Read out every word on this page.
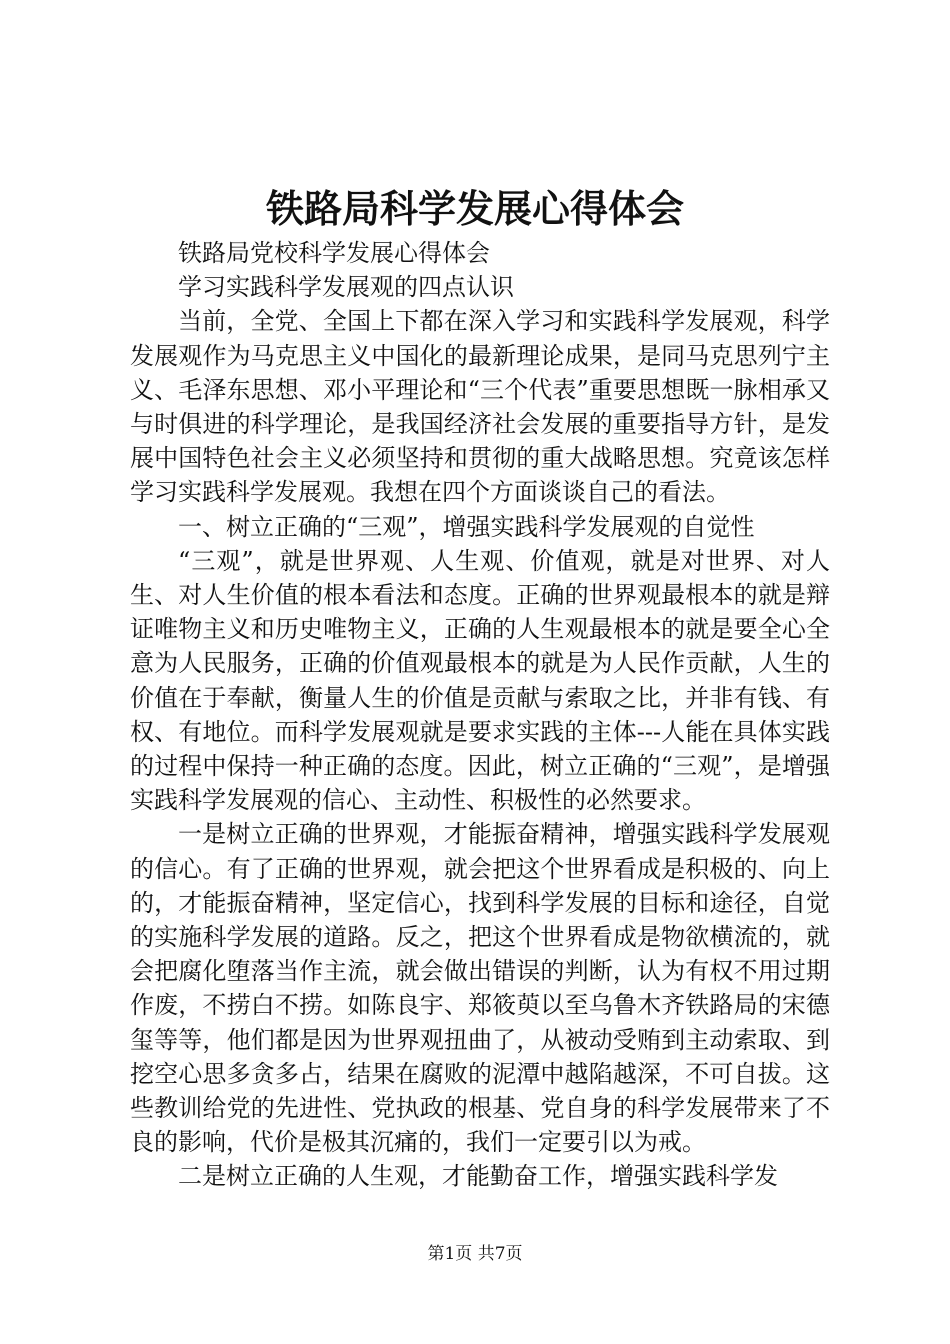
铁路局科学发展心得体会

铁路局党校科学发展心得体会

学习实践科学发展观的四点认识

当前，全党、全国上下都在深入学习和实践科学发展观，科学发展观作为马克思主义中国化的最新理论成果，是同马克思列宁主义、毛泽东思想、邓小平理论和“三个代表”重要思想既一脉相承又与时俱进的科学理论，是我国经济社会发展的重要指导方针，是发展中国特色社会主义必须坚持和贯彻的重大战略思想。究竟该怎样学习实践科学发展观。我想在四个方面谈谈自己的看法。

一、树立正确的“三观”，增强实践科学发展观的自觉性

“三观”，就是世界观、人生观、价值观，就是对世界、对人生、对人生价值的根本看法和态度。正确的世界观最根本的就是辩证唯物主义和历史唯物主义，正确的人生观最根本的就是要全心全意为人民服务，正确的价值观最根本的就是为人民作贡献，人生的价值在于奉献，衡量人生的价值是贡献与索取之比，并非有钱、有权、有地位。而科学发展观就是要求实践的主体---人能在具体实践的过程中保持一种正确的态度。因此，树立正确的“三观”，是增强实践科学发展观的信心、主动性、积极性的必然要求。

一是树立正确的世界观，才能振奋精神，增强实践科学发展观的信心。有了正确的世界观，就会把这个世界看成是积极的、向上的，才能振奋精神，坚定信心，找到科学发展的目标和途径，自觉的实施科学发展的道路。反之，把这个世界看成是物欲横流的，就会把腐化堕落当作主流，就会做出错误的判断，认为有权不用过期作废，不捞白不捞。如陈良宇、郑筱萸以至乌鲁木齐铁路局的宋德玺等等，他们都是因为世界观扭曲了，从被动受贿到主动索取、到挖空心思多贪多占，结果在腐败的泥潭中越陷越深，不可自拔。这些教训给党的先进性、党执政的根基、党自身的科学发展带来了不良的影响，代价是极其沉痛的，我们一定要引以为戒。

二是树立正确的人生观，才能勤奋工作，增强实践科学发

第1页 共7页
